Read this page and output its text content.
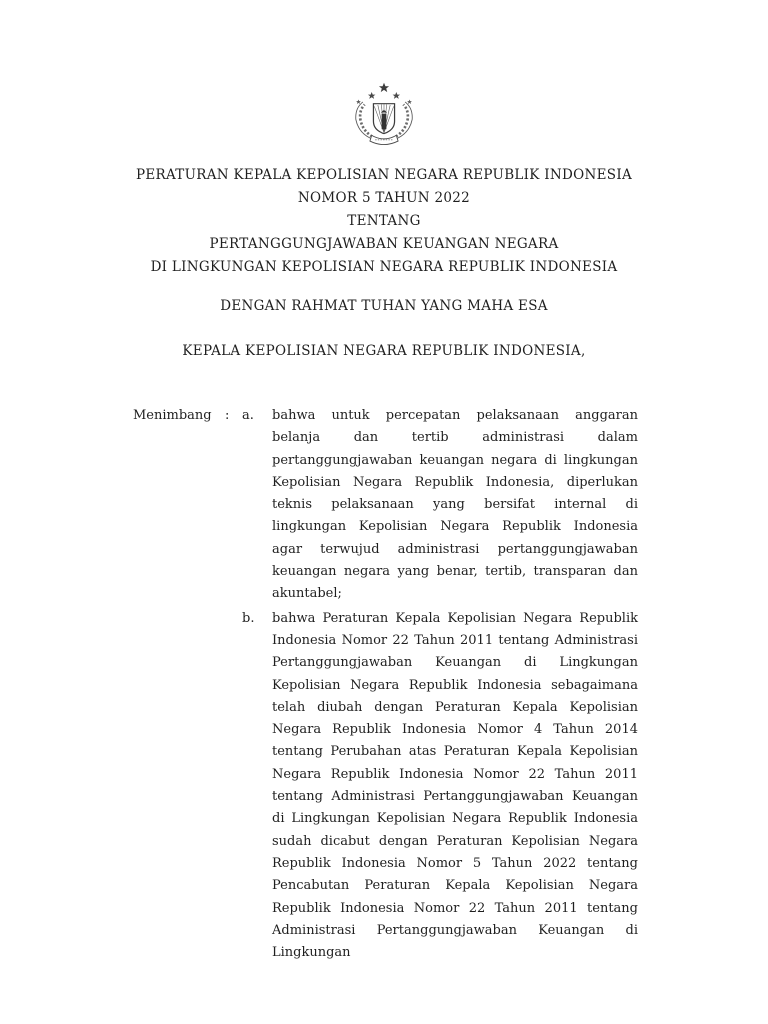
PERATURAN KEPALA KEPOLISIAN NEGARA REPUBLIK INDONESIA
NOMOR 5 TAHUN 2022
TENTANG
PERTANGGUNGJAWABAN KEUANGAN NEGARA
DI LINGKUNGAN KEPOLISIAN NEGARA REPUBLIK INDONESIA
DENGAN RAHMAT TUHAN YANG MAHA ESA
KEPALA KEPOLISIAN NEGARA REPUBLIK INDONESIA,
Menimbang	: a.	bahwa untuk percepatan pelaksanaan anggaran belanja dan tertib administrasi dalam pertanggungjawaban keuangan negara di lingkungan Kepolisian Negara Republik Indonesia, diperlukan teknis pelaksanaan yang bersifat internal di lingkungan Kepolisian Negara Republik Indonesia agar terwujud administrasi pertanggungjawaban keuangan negara yang benar, tertib, transparan dan akuntabel;
b.	bahwa Peraturan Kepala Kepolisian Negara Republik Indonesia Nomor 22 Tahun 2011 tentang Administrasi Pertanggungjawaban Keuangan di Lingkungan Kepolisian Negara Republik Indonesia sebagaimana telah diubah dengan Peraturan Kepala Kepolisian Negara Republik Indonesia Nomor 4 Tahun 2014 tentang Perubahan atas Peraturan Kepala Kepolisian Negara Republik Indonesia Nomor 22 Tahun 2011 tentang Administrasi Pertanggungjawaban Keuangan di Lingkungan Kepolisian Negara Republik Indonesia sudah dicabut dengan Peraturan Kepolisian Negara Republik Indonesia Nomor 5 Tahun 2022 tentang Pencabutan Peraturan Kepala Kepolisian Negara Republik Indonesia Nomor 22 Tahun 2011 tentang Administrasi Pertanggungjawaban Keuangan di Lingkungan
